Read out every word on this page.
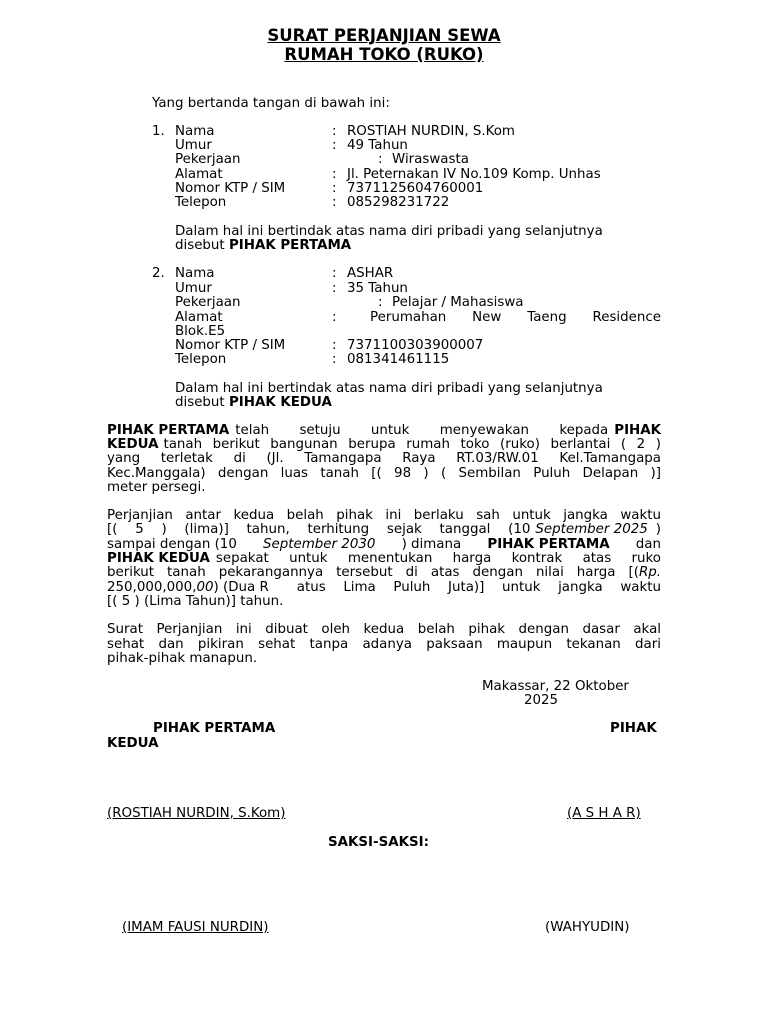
SURAT PERJANJIAN SEWA
RUMAH TOKO (RUKO)
Yang bertanda tangan di bawah ini:
1. Nama	: ROSTIAH NURDIN, S.Kom
Umur	: 49 Tahun
Pekerjaan	: Wiraswasta
Alamat	: Jl. Peternakan IV No.109 Komp. Unhas
Nomor KTP / SIM	: 7371125604760001
Telepon	: 085298231722
Dalam hal ini bertindak atas nama diri pribadi yang selanjutnya
disebut PIHAK PERTAMA
2. Nama	: ASHAR
Umur	: 35 Tahun
Pekerjaan	: Pelajar / Mahasiswa
Alamat	: Perumahan New Taeng Residence
Blok.E5
Nomor KTP / SIM	: 7371100303900007
Telepon	: 081341461115
Dalam hal ini bertindak atas nama diri pribadi yang selanjutnya
disebut PIHAK KEDUA
PIHAK PERTAMA telah setuju untuk menyewakan kepada PIHAK
KEDUA tanah berikut bangunan berupa rumah toko (ruko) berlantai ( 2 )
yang terletak di (Jl. Tamangapa Raya RT.03/RW.01 Kel.Tamangapa
Kec.Manggala) dengan luas tanah [( 98 ) ( Sembilan Puluh Delapan )]
meter persegi.
Perjanjian antar kedua belah pihak ini berlaku sah untuk jangka waktu
[( 5 ) (lima)] tahun, terhitung sejak tanggal (10 September 2025 )
sampai dengan (10 September 2030 ) dimana PIHAK PERTAMA dan
PIHAK KEDUA sepakat untuk menentukan harga kontrak atas ruko
berikut tanah pekarangannya tersebut di atas dengan nilai harga [( Rp.
250,000,000, 00 ) (Dua R	atus Lima Puluh Juta)] untuk jangka waktu
[( 5 ) (Lima Tahun)] tahun.
Surat Perjanjian ini dibuat oleh kedua belah pihak dengan dasar akal
sehat dan pikiran sehat tanpa adanya paksaan maupun tekanan dari
pihak-pihak manapun.
Makassar, 22 Oktober
2025
PIHAK PERTAMA	PIHAK
KEDUA
(ROSTIAH NURDIN, S.Kom)	(A S H A R)
SAKSI-SAKSI:
(IMAM FAUSI NURDIN)	(WAHYUDIN)
